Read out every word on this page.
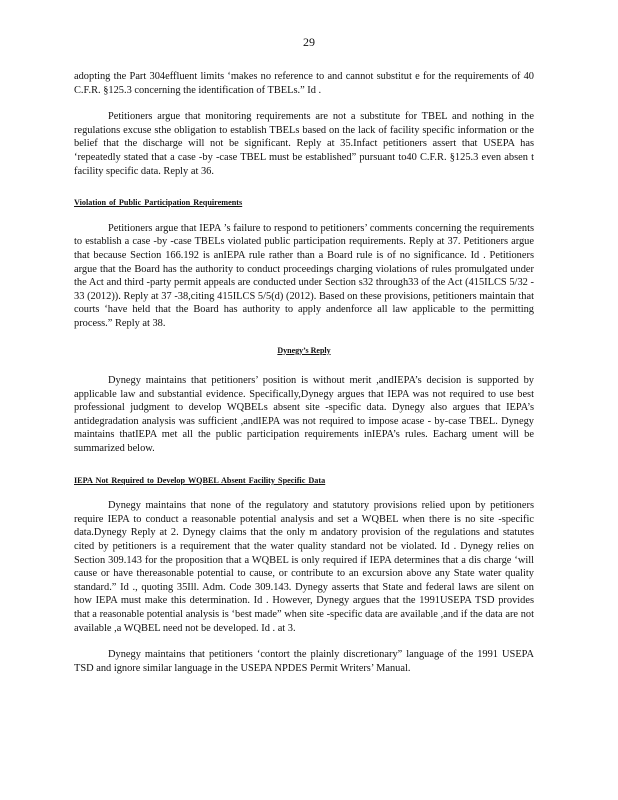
29

adopting the Part 304effluent limits ‘makes no reference to and cannot substitut e for the requirements of 40 C.F.R. §125.3 concerning the identification of TBELs.” Id .

Petitioners argue that monitoring requirements are not a substitute for TBEL and nothing in the regulations excuse sthe obligation to establish TBELs based on the lack of facility specific information or the belief that the discharge will not be significant. Reply at 35.Infact petitioners assert that USEPA has ‘repeatedly stated that a case -by -case TBEL must be established” pursuant to40 C.F.R. §125.3 even absen t facility specific data. Reply at 36.

Violation of Public Participation Requirements

Petitioners argue that IEPA ’s failure to respond to petitioners’ comments concerning the requirements to establish a case -by -case TBELs violated public participation requirements. Reply at 37. Petitioners argue that because Section 166.192 is anIEPA rule rather than a Board rule is of no significance. Id . Petitioners argue that the Board has the authority to conduct proceedings charging violations of rules promulgated under the Act and third -party permit appeals are conducted under Section s32 through33 of the Act (415ILCS 5/32 - 33 (2012)). Reply at 37 -38,citing 415ILCS 5/5(d) (2012). Based on these provisions, petitioners maintain that courts ‘have held that the Board has authority to apply andenforce all law applicable to the permitting process.” Reply at 38.

Dynegy’s Reply

Dynegy maintains that petitioners’ position is without merit ,andIEPA’s decision is supported by applicable law and substantial evidence. Specifically,Dynegy argues that IEPA was not required to use best professional judgment to develop WQBELs absent site -specific data. Dynegy also argues that IEPA’s antidegradation analysis was sufficient ,andIEPA was not required to impose acase - by-case TBEL. Dynegy maintains thatIEPA met all the public participation requirements inIEPA’s rules. Eacharg ument will be summarized below.

IEPA Not Required to Develop WQBEL Absent Facility Specific Data

Dynegy maintains that none of the regulatory and statutory provisions relied upon by petitioners require IEPA to conduct a reasonable potential analysis and set a WQBEL when there is no site -specific data.Dynegy Reply at 2. Dynegy claims that the only m andatory provision of the regulations and statutes cited by petitioners is a requirement that the water quality standard not be violated. Id . Dynegy relies on Section 309.143 for the proposition that a WQBEL is only required if IEPA determines that a dis charge ‘will cause or have thereasonable potential to cause, or contribute to an excursion above any State water quality standard.” Id ., quoting 35Ill. Adm. Code 309.143. Dynegy asserts that State and federal laws are silent on how IEPA must make this determination. Id . However, Dynegy argues that the 1991USEPA TSD provides that a reasonable potential analysis is ‘best made” when site -specific data are available ,and if the data are not available ,a WQBEL need not be developed. Id . at 3.

Dynegy maintains that petitioners ‘contort the plainly discretionary” language of the 1991 USEPA TSD and ignore similar language in the USEPA NPDES Permit Writers’ Manual.
